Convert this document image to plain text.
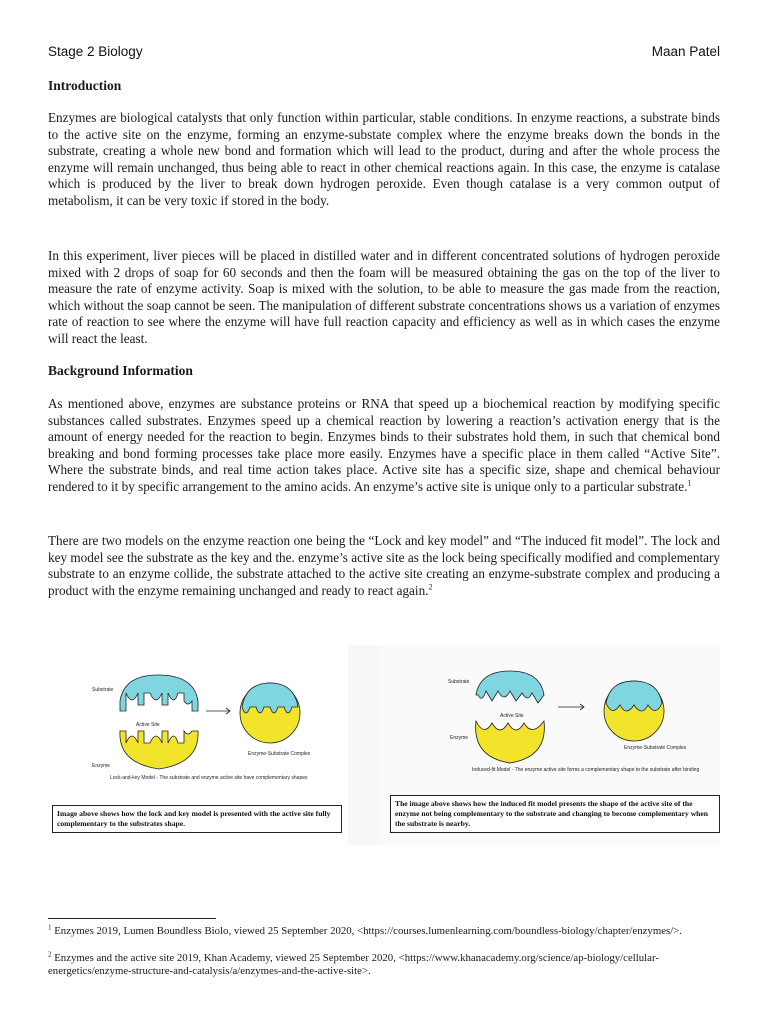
Stage 2 Biology	Maan Patel
Introduction
Enzymes are biological catalysts that only function within particular, stable conditions. In enzyme reactions, a substrate binds to the active site on the enzyme, forming an enzyme-substate complex where the enzyme breaks down the bonds in the substrate, creating a whole new bond and formation which will lead to the product, during and after the whole process the enzyme will remain unchanged, thus being able to react in other chemical reactions again. In this case, the enzyme is catalase which is produced by the liver to break down hydrogen peroxide. Even though catalase is a very common output of metabolism, it can be very toxic if stored in the body.
In this experiment, liver pieces will be placed in distilled water and in different concentrated solutions of hydrogen peroxide mixed with 2 drops of soap for 60 seconds and then the foam will be measured obtaining the gas on the top of the liver to measure the rate of enzyme activity. Soap is mixed with the solution, to be able to measure the gas made from the reaction, which without the soap cannot be seen. The manipulation of different substrate concentrations shows us a variation of enzymes rate of reaction to see where the enzyme will have full reaction capacity and efficiency as well as in which cases the enzyme will react the least.
Background Information
As mentioned above, enzymes are substance proteins or RNA that speed up a biochemical reaction by modifying specific substances called substrates. Enzymes speed up a chemical reaction by lowering a reaction’s activation energy that is the amount of energy needed for the reaction to begin. Enzymes binds to their substrates hold them, in such that chemical bond breaking and bond forming processes take place more easily. Enzymes have a specific place in them called “Active Site”. Where the substrate binds, and real time action takes place. Active site has a specific size, shape and chemical behaviour rendered to it by specific arrangement to the amino acids. An enzyme’s active site is unique only to a particular substrate.$^1$
There are two models on the enzyme reaction one being the “Lock and key model” and “The induced fit model”. The lock and key model see the substrate as the key and the. enzyme’s active site as the lock being specifically modified and complementary substrate to an enzyme collide, the substrate attached to the active site creating an enzyme-substrate complex and producing a product with the enzyme remaining unchanged and ready to react again.$^2$
Substrate
Active Site
Enzyme
Enzyme-Substrate Complex
Lock-and-key Model - The substrate and enzyme active site have complementary shapes
Substrate
Active Site
Enzyme
Enzyme-Substrate Complex
Induced-fit Model - The enzyme active site forms a complementary shape to the substrate after binding
Image above shows how the lock and key model is presented with the active site fully complementary to the substrates shape.
The image above shows how the induced fit model presents the shape of the active site of the enzyme not being complementary to the substrate and changing to become complementary when the substrate is nearby.
$^1$ Enzymes 2019, Lumen Boundless Biolo, viewed 25 September 2020, <https://courses.lumenlearning.com/boundless-biology/chapter/enzymes/>.
$^2$ Enzymes and the active site 2019, Khan Academy, viewed 25 September 2020, <https://www.khanacademy.org/science/ap-biology/cellular-energetics/enzyme-structure-and-catalysis/a/enzymes-and-the-active-site>.
